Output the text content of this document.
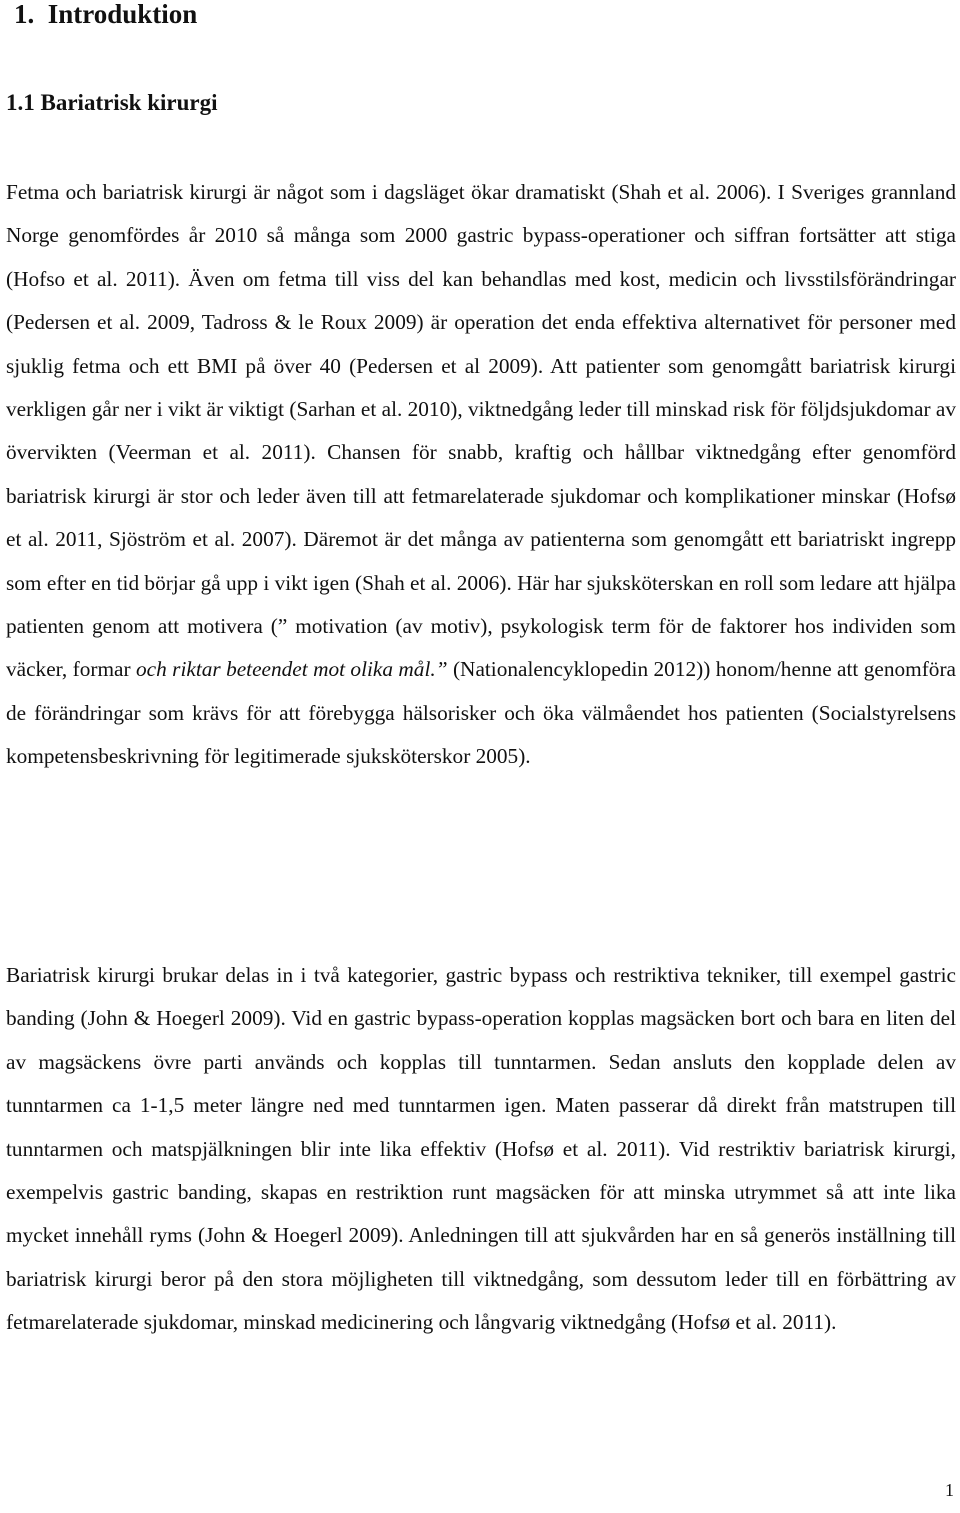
1. Introduktion
1.1 Bariatrisk kirurgi

Fetma och bariatrisk kirurgi är något som i dagsläget ökar dramatiskt (Shah et al. 2006). I Sveriges grannland Norge genomfördes år 2010 så många som 2000 gastric bypass-operationer och siffran fortsätter att stiga (Hofso et al. 2011). Även om fetma till viss del kan behandlas med kost, medicin och livsstilsförändringar (Pedersen et al. 2009, Tadross & le Roux 2009) är operation det enda effektiva alternativet för personer med sjuklig fetma och ett BMI på över 40 (Pedersen et al 2009). Att patienter som genomgått bariatrisk kirurgi verkligen går ner i vikt är viktigt (Sarhan et al. 2010), viktnedgång leder till minskad risk för följdsjukdomar av övervikten (Veerman et al. 2011). Chansen för snabb, kraftig och hållbar viktnedgång efter genomförd bariatrisk kirurgi är stor och leder även till att fetmarelaterade sjukdomar och komplikationer minskar (Hofsø et al. 2011, Sjöström et al. 2007). Däremot är det många av patienterna som genomgått ett bariatriskt ingrepp som efter en tid börjar gå upp i vikt igen (Shah et al. 2006). Här har sjuksköterskan en roll som ledare att hjälpa patienten genom att motivera (” motivation (av motiv), psykologisk term för de faktorer hos individen som väcker, formar och riktar beteendet mot olika mål.” (Nationalencyklopedin 2012)) honom/henne att genomföra de förändringar som krävs för att förebygga hälsorisker och öka välmåendet hos patienten (Socialstyrelsens kompetensbeskrivning för legitimerade sjuksköterskor 2005).

Bariatrisk kirurgi brukar delas in i två kategorier, gastric bypass och restriktiva tekniker, till exempel gastric banding (John & Hoegerl 2009). Vid en gastric bypass-operation kopplas magsäcken bort och bara en liten del av magsäckens övre parti används och kopplas till tunntarmen. Sedan ansluts den kopplade delen av tunntarmen ca 1-1,5 meter längre ned med tunntarmen igen. Maten passerar då direkt från matstrupen till tunntarmen och matspjälkningen blir inte lika effektiv (Hofsø et al. 2011). Vid restriktiv bariatrisk kirurgi, exempelvis gastric banding, skapas en restriktion runt magsäcken för att minska utrymmet så att inte lika mycket innehåll ryms (John & Hoegerl 2009). Anledningen till att sjukvården har en så generös inställning till bariatrisk kirurgi beror på den stora möjligheten till viktnedgång, som dessutom leder till en förbättring av fetmarelaterade sjukdomar, minskad medicinering och långvarig viktnedgång (Hofsø et al. 2011).

1
